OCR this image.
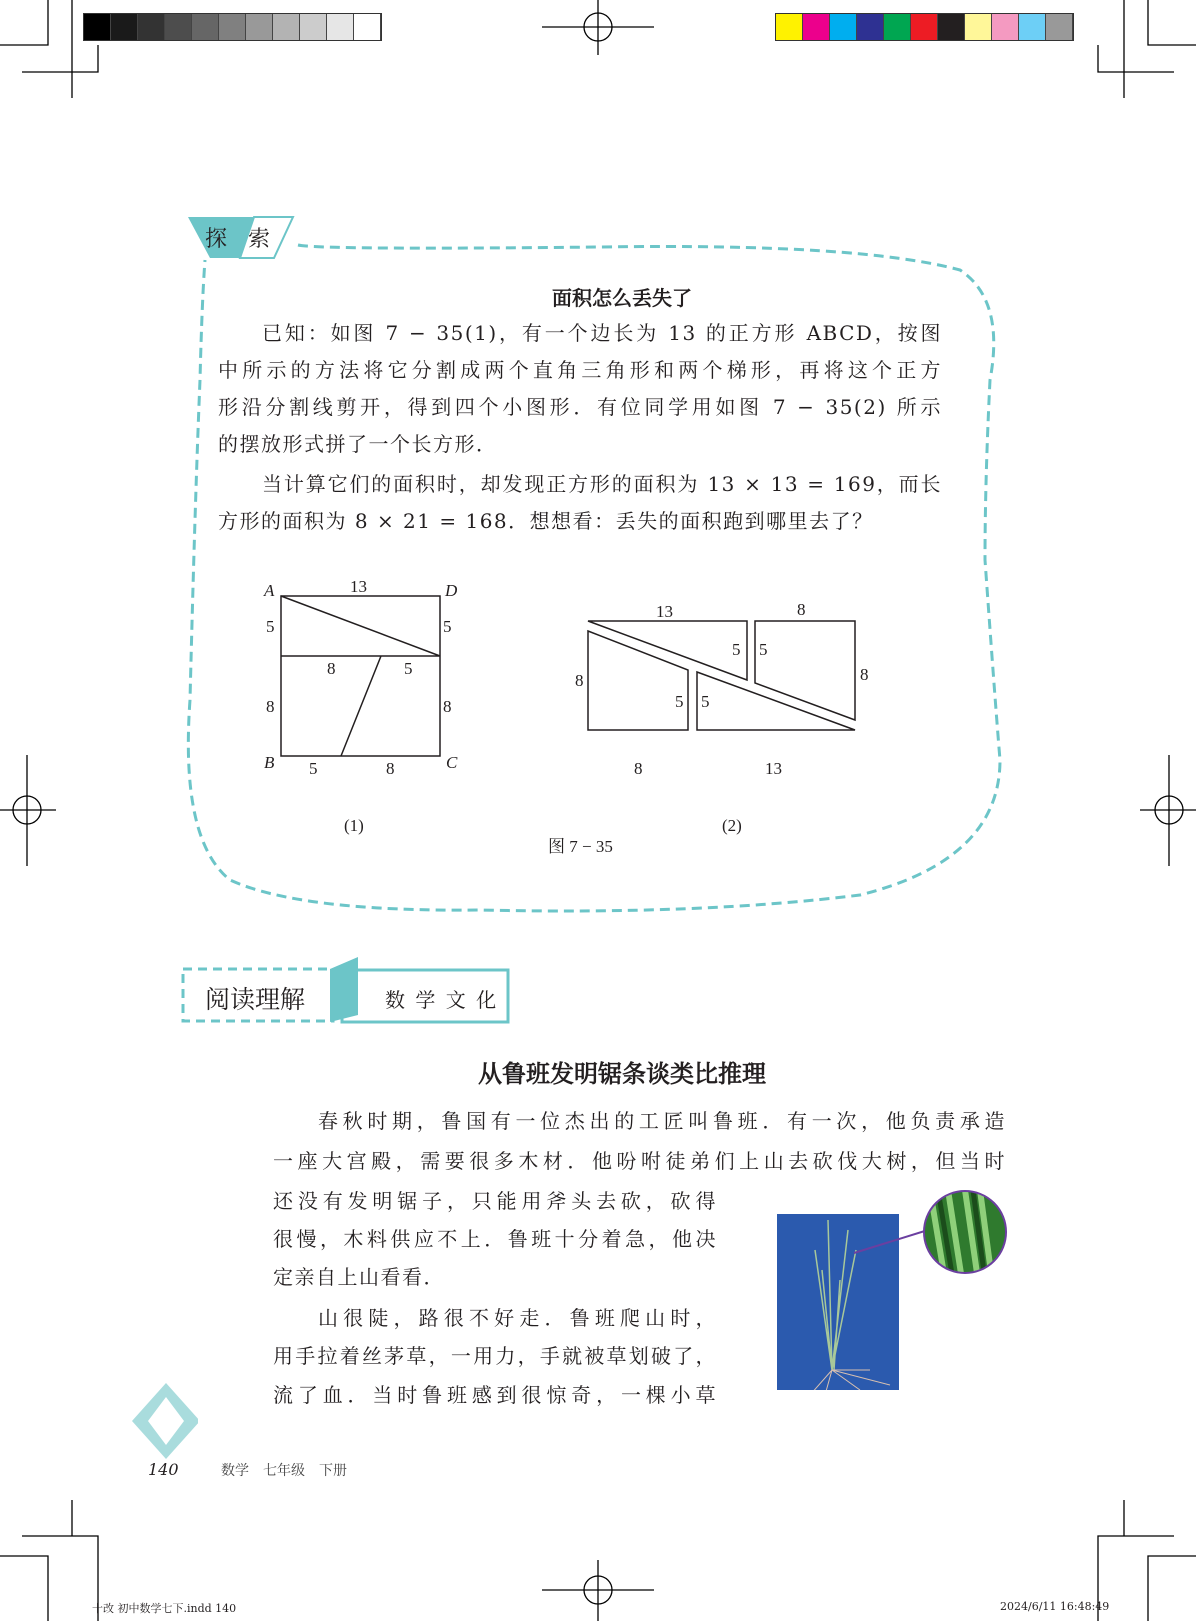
探 索
面积怎么丢失了
已知：如图 7 − 35(1)，有一个边长为 13 的正方形 ABCD，按图
中所示的方法将它分割成两个直角三角形和两个梯形，再将这个正方
形沿分割线剪开，得到四个小图形．有位同学用如图 7 − 35(2) 所示
的摆放形式拼了一个长方形．
当计算它们的面积时，却发现正方形的面积为 13 × 13 = 169，而长
方形的面积为 8 × 21 = 168．想想看：丢失的面积跑到哪里去了？
A	D
B	C
13
5	5
8	5
8	8
5	8
(1)
13	8
5 5
8	8
5 5
8	13
(2)
图 7 − 35
阅读理解	数 学 文 化
从鲁班发明锯条谈类比推理
春秋时期，鲁国有一位杰出的工匠叫鲁班．有一次，他负责承造
一座大宫殿，需要很多木材．他吩咐徒弟们上山去砍伐大树，但当时
还没有发明锯子，只能用斧头去砍，砍得
很慢，木料供应不上．鲁班十分着急，他决
定亲自上山看看．
山很陡，路很不好走．鲁班爬山时，
用手拉着丝茅草，一用力，手就被草划破了，
流了血．当时鲁班感到很惊奇，一棵小草
140	数学　七年级　下册
十改 初中数学七下.indd 140	2024/6/11 16:48:49
